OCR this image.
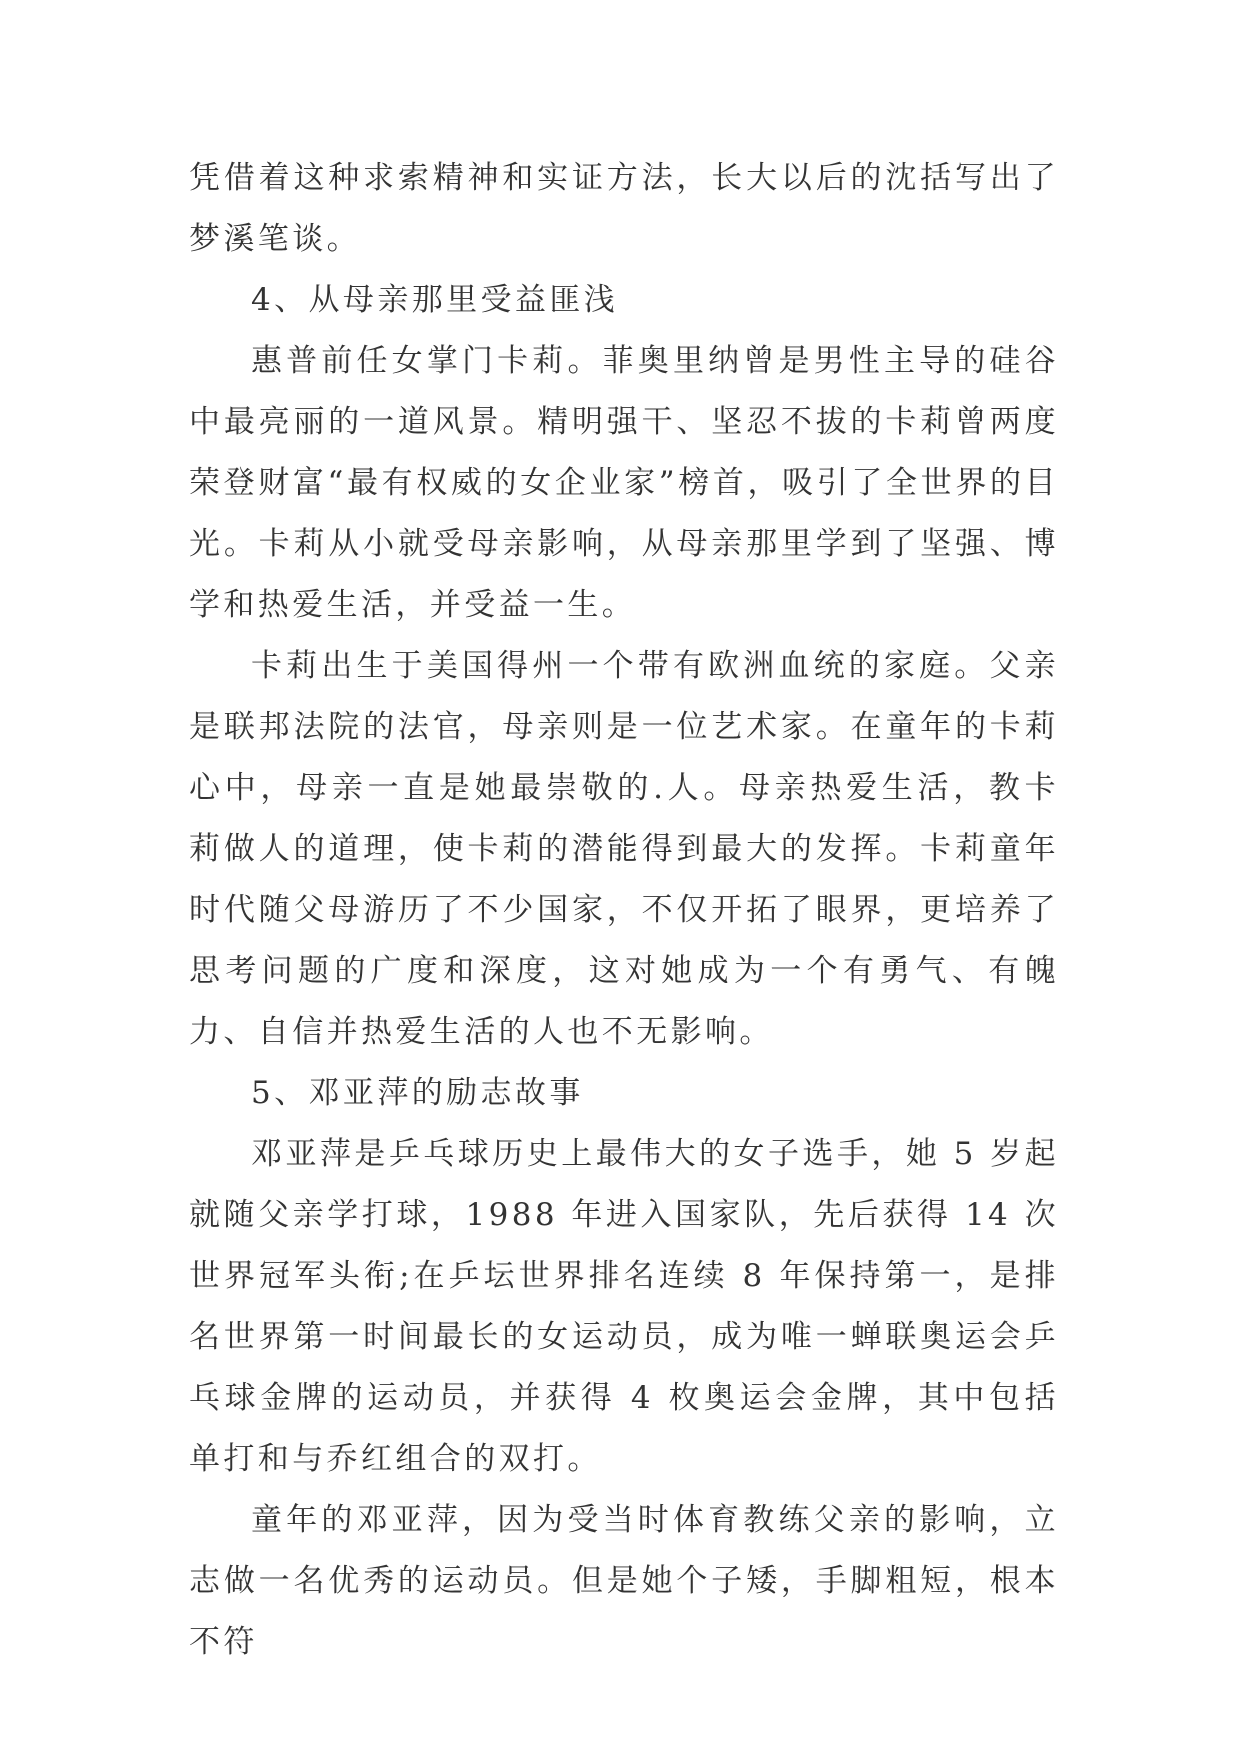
凭借着这种求索精神和实证方法，长大以后的沈括写出了梦溪笔谈。

4、从母亲那里受益匪浅

惠普前任女掌门卡莉。菲奥里纳曾是男性主导的硅谷中最亮丽的一道风景。精明强干、坚忍不拔的卡莉曾两度荣登财富“最有权威的女企业家”榜首，吸引了全世界的目光。卡莉从小就受母亲影响，从母亲那里学到了坚强、博学和热爱生活，并受益一生。

卡莉出生于美国得州一个带有欧洲血统的家庭。父亲是联邦法院的法官，母亲则是一位艺术家。在童年的卡莉心中，母亲一直是她最崇敬的.人。母亲热爱生活，教卡莉做人的道理，使卡莉的潜能得到最大的发挥。卡莉童年时代随父母游历了不少国家，不仅开拓了眼界，更培养了思考问题的广度和深度，这对她成为一个有勇气、有魄力、自信并热爱生活的人也不无影响。

5、邓亚萍的励志故事

邓亚萍是乒乓球历史上最伟大的女子选手，她 5 岁起就随父亲学打球，1988 年进入国家队，先后获得 14 次世界冠军头衔;在乒坛世界排名连续 8 年保持第一，是排名世界第一时间最长的女运动员，成为唯一蝉联奥运会乒乓球金牌的运动员，并获得 4 枚奥运会金牌，其中包括单打和与乔红组合的双打。

童年的邓亚萍，因为受当时体育教练父亲的影响，立志做一名优秀的运动员。但是她个子矮，手脚粗短，根本不符
